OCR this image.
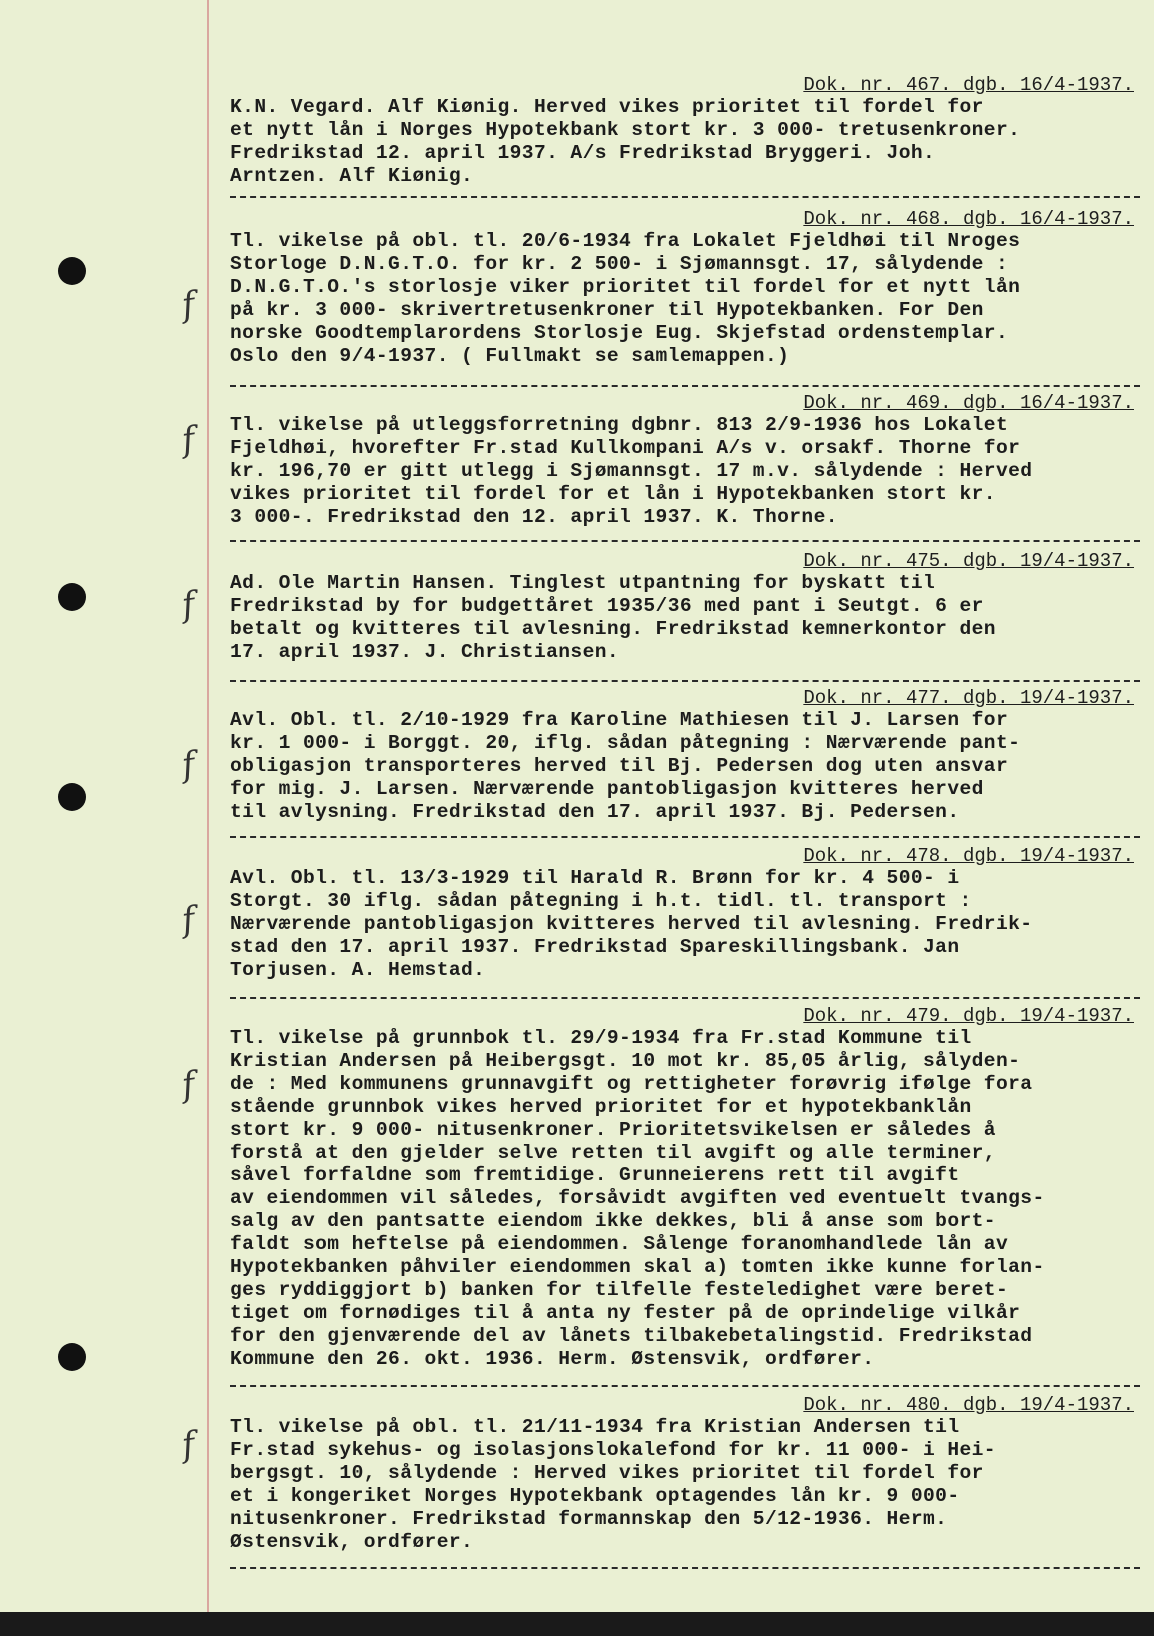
f
f
f
f
f
f
f
Dok. nr. 467. dgb. 16/4-1937.
K.N. Vegard. Alf Kiønig. Herved vikes prioritet til fordel for
et nytt lån i Norges Hypotekbank stort kr. 3 000- tretusenkroner.
Fredrikstad 12. april 1937. A/s Fredrikstad Bryggeri. Joh.
Arntzen. Alf Kiønig.
Dok. nr. 468. dgb. 16/4-1937.
Tl. vikelse på obl. tl. 20/6-1934 fra Lokalet Fjeldhøi til Nroges
Storloge D.N.G.T.O. for kr. 2 500- i Sjømannsgt. 17, sålydende :
D.N.G.T.O.'s storlosje viker prioritet til fordel for et nytt lån
på kr. 3 000- skrivertretusenkroner til Hypotekbanken. For Den
norske Goodtemplarordens Storlosje Eug. Skjefstad ordenstemplar.
Oslo den 9/4-1937. ( Fullmakt se samlemappen.)
Dok. nr. 469. dgb. 16/4-1937.
Tl. vikelse på utleggsforretning dgbnr. 813 2/9-1936 hos Lokalet
Fjeldhøi, hvorefter Fr.stad Kullkompani A/s v. orsakf. Thorne for
kr. 196,70 er gitt utlegg i Sjømannsgt. 17 m.v. sålydende : Herved
vikes prioritet til fordel for et lån i Hypotekbanken stort kr.
3 000-. Fredrikstad den 12. april 1937. K. Thorne.
Dok. nr. 475. dgb. 19/4-1937.
Ad. Ole Martin Hansen. Tinglest utpantning for byskatt til
Fredrikstad by for budgettåret 1935/36 med pant i Seutgt. 6 er
betalt og kvitteres til avlesning. Fredrikstad kemnerkontor den
17. april 1937. J. Christiansen.
Dok. nr. 477. dgb. 19/4-1937.
Avl. Obl. tl. 2/10-1929 fra Karoline Mathiesen til J. Larsen for
kr. 1 000- i Borggt. 20, iflg. sådan påtegning : Nærværende pant-
obligasjon transporteres herved til Bj. Pedersen dog uten ansvar
for mig. J. Larsen. Nærværende pantobligasjon kvitteres herved
til avlysning. Fredrikstad den 17. april 1937. Bj. Pedersen.
Dok. nr. 478. dgb. 19/4-1937.
Avl. Obl. tl. 13/3-1929 til Harald R. Brønn for kr. 4 500- i
Storgt. 30 iflg. sådan påtegning i h.t. tidl. tl. transport :
Nærværende pantobligasjon kvitteres herved til avlesning. Fredrik-
stad den 17. april 1937. Fredrikstad Spareskillingsbank. Jan
Torjusen. A. Hemstad.
Dok. nr. 479. dgb. 19/4-1937.
Tl. vikelse på grunnbok tl. 29/9-1934 fra Fr.stad Kommune til
Kristian Andersen på Heibergsgt. 10 mot kr. 85,05 årlig, sålyden-
de : Med kommunens grunnavgift og rettigheter forøvrig ifølge fora
stående grunnbok vikes herved prioritet for et hypotekbanklån
stort kr. 9 000- nitusenkroner. Prioritetsvikelsen er således å
forstå at den gjelder selve retten til avgift og alle terminer,
såvel forfaldne som fremtidige. Grunneierens rett til avgift
av eiendommen vil således, forsåvidt avgiften ved eventuelt tvangs-
salg av den pantsatte eiendom ikke dekkes, bli å anse som bort-
faldt som heftelse på eiendommen. Sålenge foranomhandlede lån av
Hypotekbanken påhviler eiendommen skal a) tomten ikke kunne forlan-
ges ryddiggjort b) banken for tilfelle festeledighet være beret-
tiget om fornødiges til å anta ny fester på de oprindelige vilkår
for den gjenværende del av lånets tilbakebetalingstid. Fredrikstad
Kommune den 26. okt. 1936. Herm. Østensvik, ordfører.
Dok. nr. 480. dgb. 19/4-1937.
Tl. vikelse på obl. tl. 21/11-1934 fra Kristian Andersen til
Fr.stad sykehus- og isolasjonslokalefond for kr. 11 000- i Hei-
bergsgt. 10, sålydende : Herved vikes prioritet til fordel for
et i kongeriket Norges Hypotekbank optagendes lån kr. 9 000-
nitusenkroner. Fredrikstad formannskap den 5/12-1936. Herm.
Østensvik, ordfører.
